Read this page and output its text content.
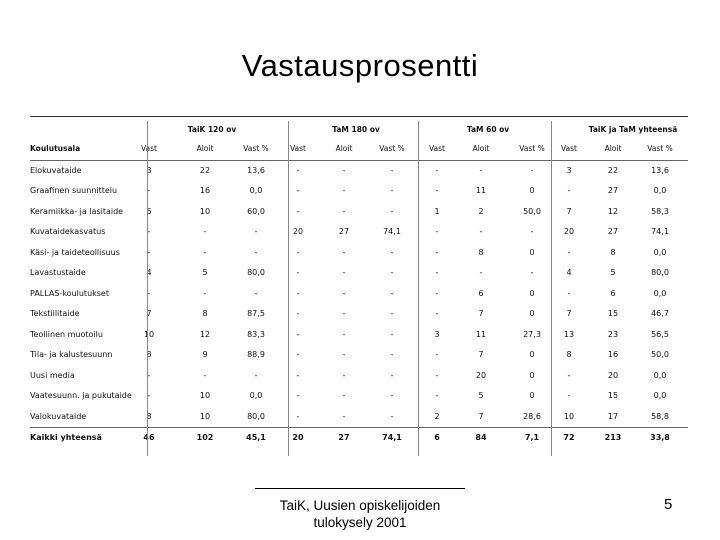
Vastausprosentti
TaiK 120 ov	TaM 180 ov	TaM 60 ov	TaiK ja TaM yhteensä
Koulutusala	Vast	Aloit	Vast %	Vast	Aloit	Vast %	Vast	Aloit	Vast %	Vast	Aloit	Vast %
Elokuvataide	3	22	13,6	-	-	-	-	-	-	3	22	13,6
Graafinen suunnittelu	-	16	0,0	-	-	-	-	11	0	-	27	0,0
Keramiikka- ja lasitaide	6	10	60,0	-	-	-	1	2	50,0	7	12	58,3
Kuvataidekasvatus	-	-	-	20	27	74,1	-	-	-	20	27	74,1
Käsi- ja taideteollisuus	-	-	-	-	-	-	-	8	0	-	8	0,0
Lavastustaide	4	5	80,0	-	-	-	-	-	-	4	5	80,0
PALLAS-koulutukset	-	-	-	-	-	-	-	6	0	-	6	0,0
Tekstiilitaide	7	8	87,5	-	-	-	-	7	0	7	15	46,7
Teollinen muotoilu	10	12	83,3	-	-	-	3	11	27,3	13	23	56,5
Tila- ja kalustesuunn	8	9	88,9	-	-	-	-	7	0	8	16	50,0
Uusi media	-	-	-	-	-	-	-	20	0	-	20	0,0
Vaatesuunn. ja pukutaide	-	10	0,0	-	-	-	-	5	0	-	15	0,0
Valokuvataide	8	10	80,0	-	-	-	2	7	28,6	10	17	58,8
Kaikki yhteensä	46	102	45,1	20	27	74,1	6	84	7,1	72	213	33,8
TaiK, Uusien opiskelijoiden
tulokysely 2001
5
